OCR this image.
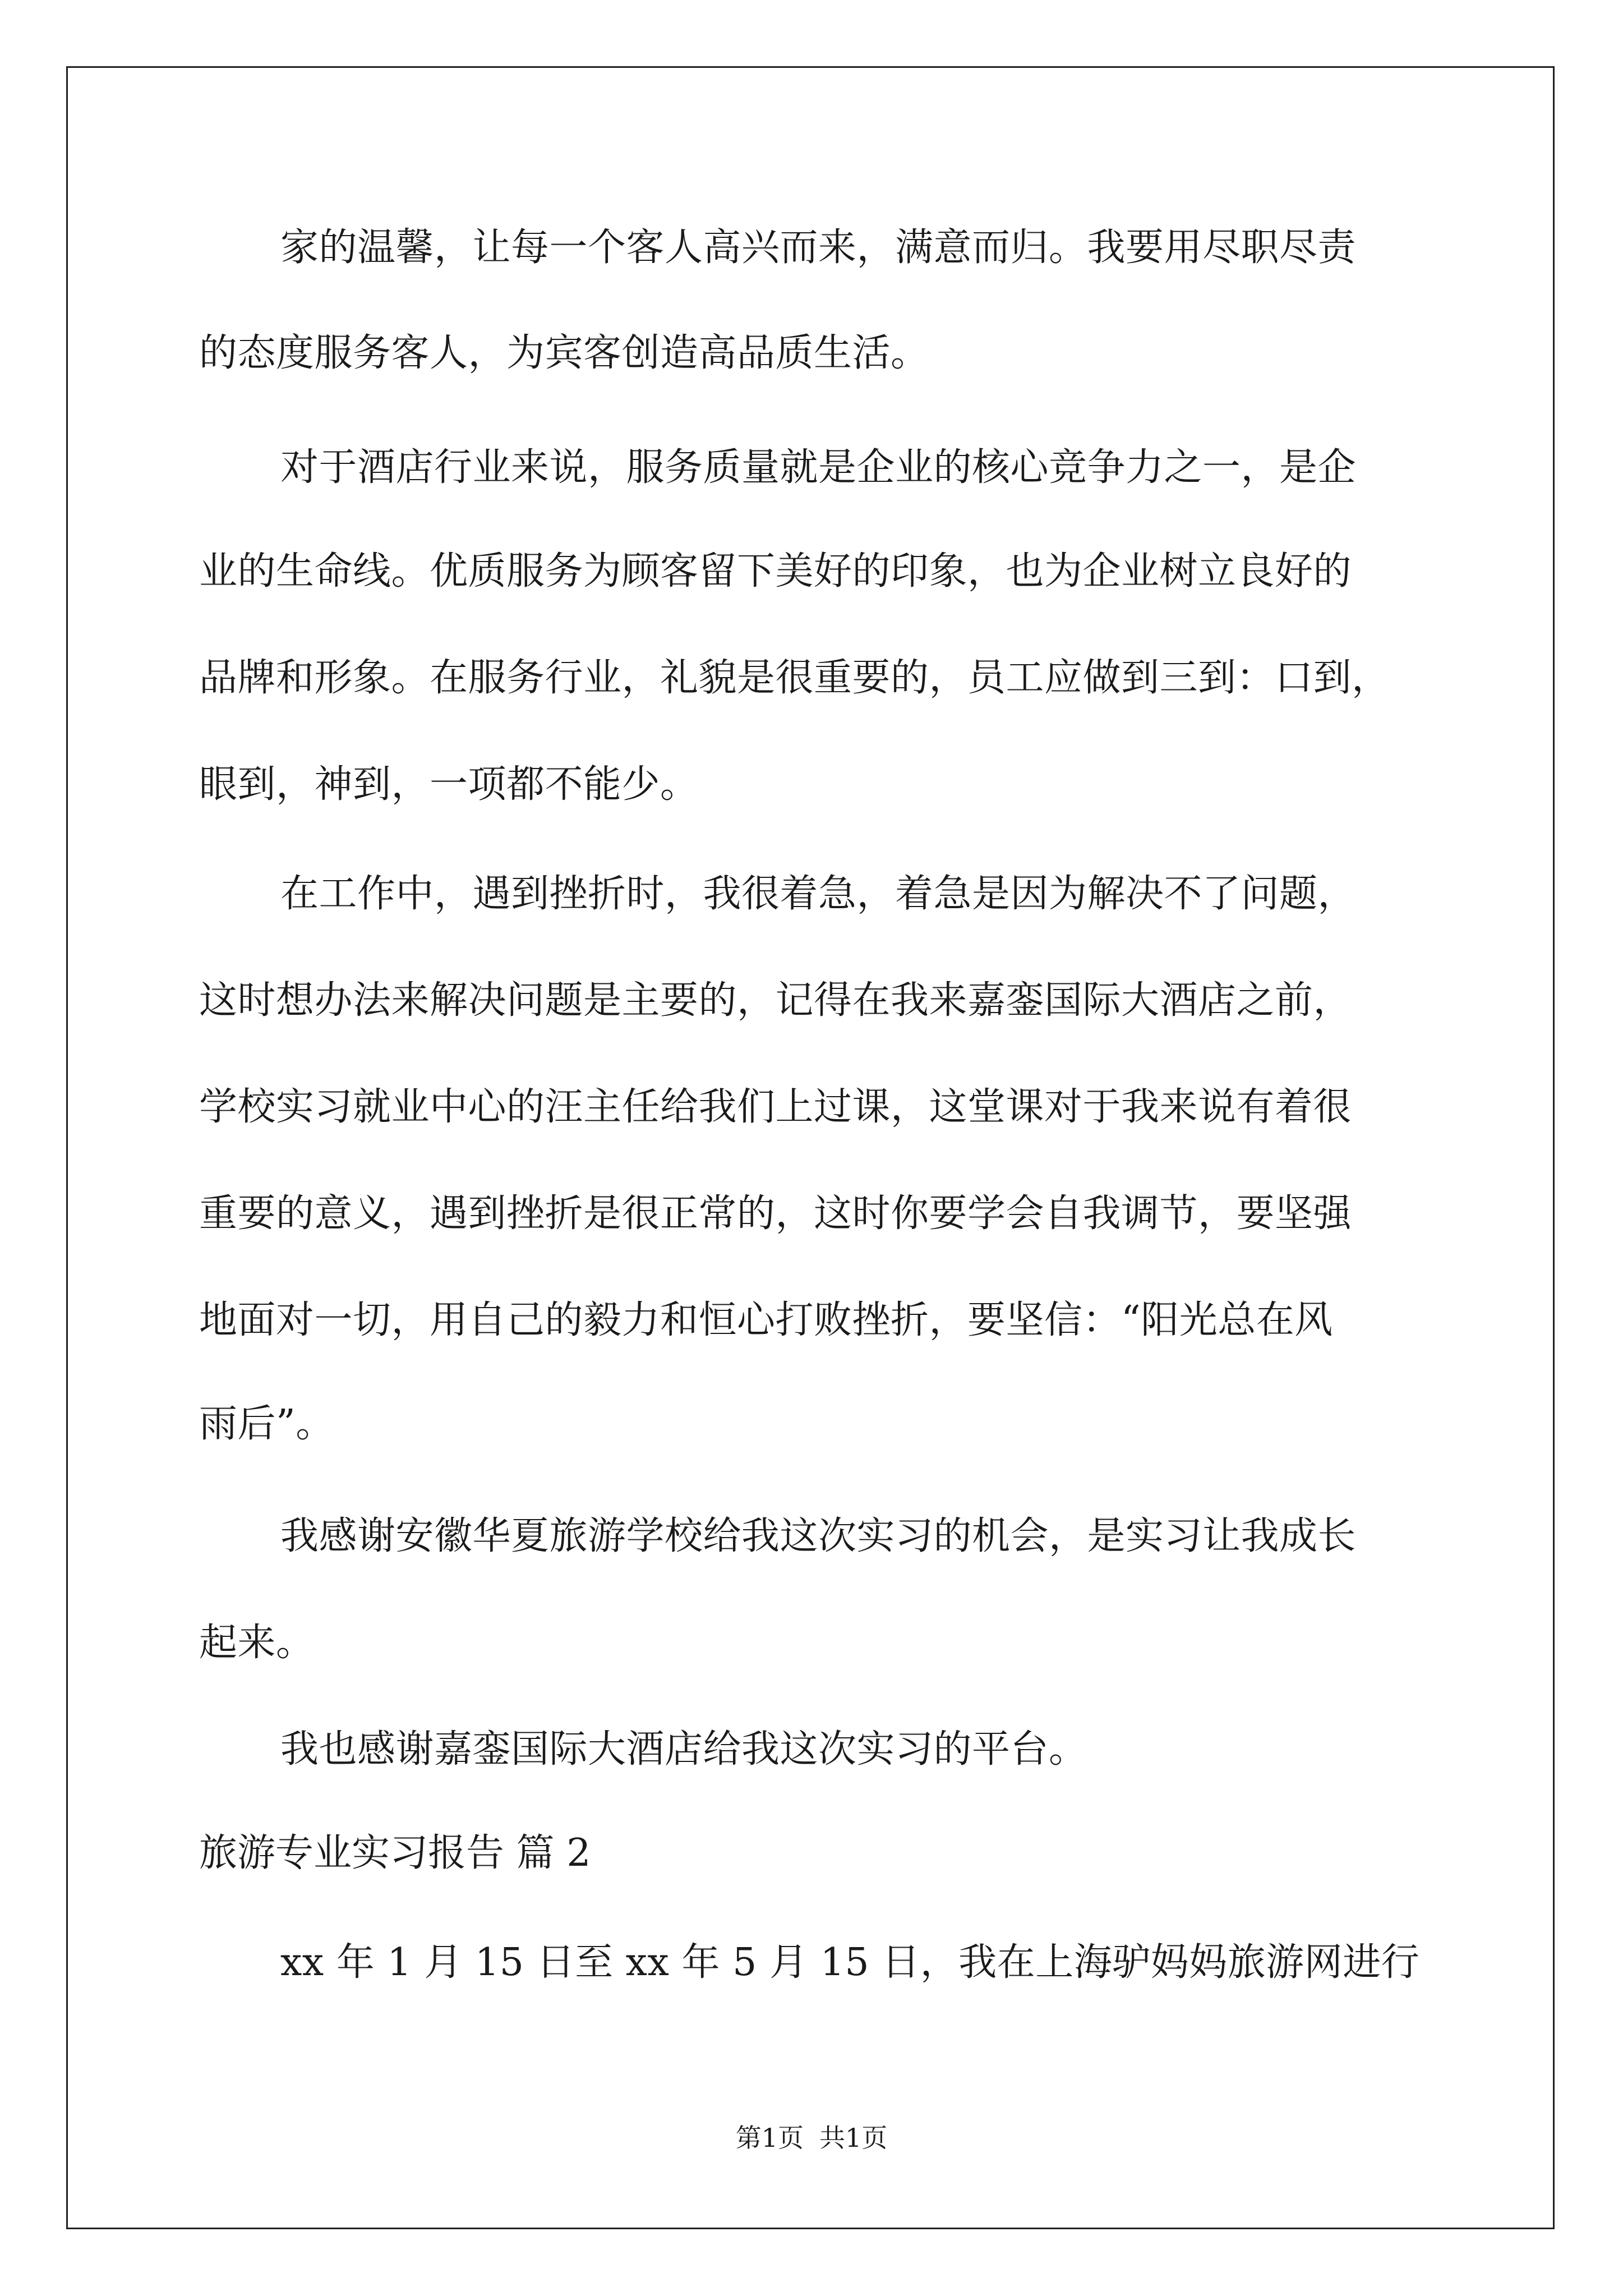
家的温馨，让每一个客人高兴而来，满意而归。我要用尽职尽责
的态度服务客人，为宾客创造高品质生活。
对于酒店行业来说，服务质量就是企业的核心竞争力之一，是企
业的生命线。优质服务为顾客留下美好的印象，也为企业树立良好的
品牌和形象。在服务行业，礼貌是很重要的，员工应做到三到：口到，
眼到，神到，一项都不能少。
在工作中，遇到挫折时，我很着急，着急是因为解决不了问题，
这时想办法来解决问题是主要的，记得在我来嘉銮国际大酒店之前，
学校实习就业中心的汪主任给我们上过课，这堂课对于我来说有着很
重要的意义，遇到挫折是很正常的，这时你要学会自我调节，要坚强
地面对一切，用自己的毅力和恒心打败挫折，要坚信：“阳光总在风
雨后”。
我感谢安徽华夏旅游学校给我这次实习的机会，是实习让我成长
起来。
我也感谢嘉銮国际大酒店给我这次实习的平台。
旅游专业实习报告 篇 2
xx 年 1 月 15 日至 xx 年 5 月 15 日，我在上海驴妈妈旅游网进行
第1页 共1页
